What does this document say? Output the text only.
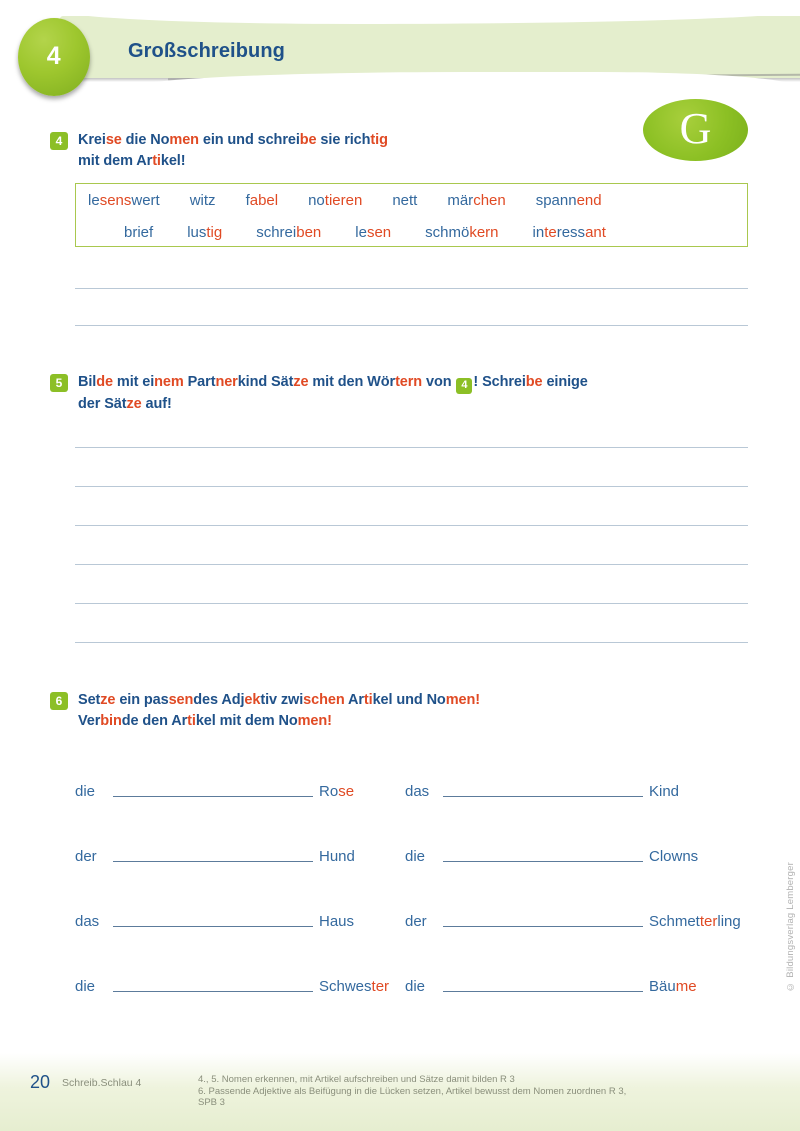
4	Großschreibung
G
4	Kreise die Nomen ein und schreibe sie richtig
mit dem Artikel!
lesenswert witz fabel notieren nett märchen spannend
brief lustig schreiben lesen schmökern interessant
5	Bilde mit einem Partnerkind Sätze mit den Wörtern von 4 ! Schreibe einige
der Sätze auf!
6	Setze ein passendes Adjektiv zwischen Artikel und Nomen!
Verbinde den Artikel mit dem Nomen!
die	Rose	das	Kind
der	Hund	die	Clowns
das	Haus	der	Schmetterling
die	Schwester die	Bäume	© Bildungsverlag Lemberger
20 Schreib.Schlau 4	4., 5. Nomen erkennen, mit Artikel aufschreiben und Sätze damit bilden R 3
6. Passende Adjektive als Beifügung in die Lücken setzen, Artikel bewusst dem Nomen zuordnen R 3,
SPB 3
